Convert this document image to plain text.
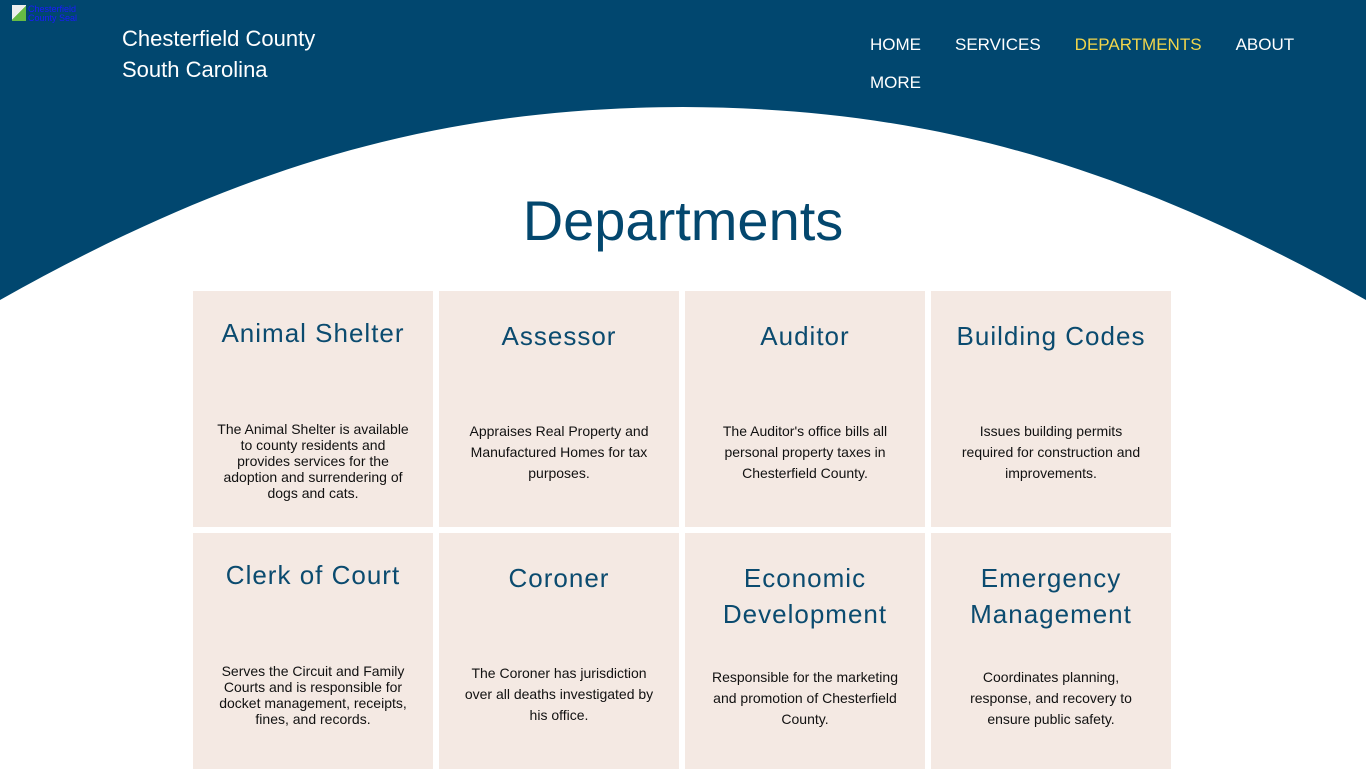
Chesterfield County Seal
Chesterfield County
South Carolina
HOME SERVICES DEPARTMENTS ABOUT
MORE
Departments
Animal Shelter

The Animal Shelter is available to county residents and provides services for the adoption and surrendering of dogs and cats.

Assessor

Appraises Real Property and Manufactured Homes for tax purposes.

Auditor

The Auditor's office bills all personal property taxes in Chesterfield County.

Building Codes

Issues building permits required for construction and improvements.

Clerk of Court

Serves the Circuit and Family Courts and is responsible for docket management, receipts, fines, and records.

Coroner

The Coroner has jurisdiction over all deaths investigated by his office.

Economic Development

Responsible for the marketing and promotion of Chesterfield County.

Emergency Management

Coordinates planning, response, and recovery to ensure public safety.
